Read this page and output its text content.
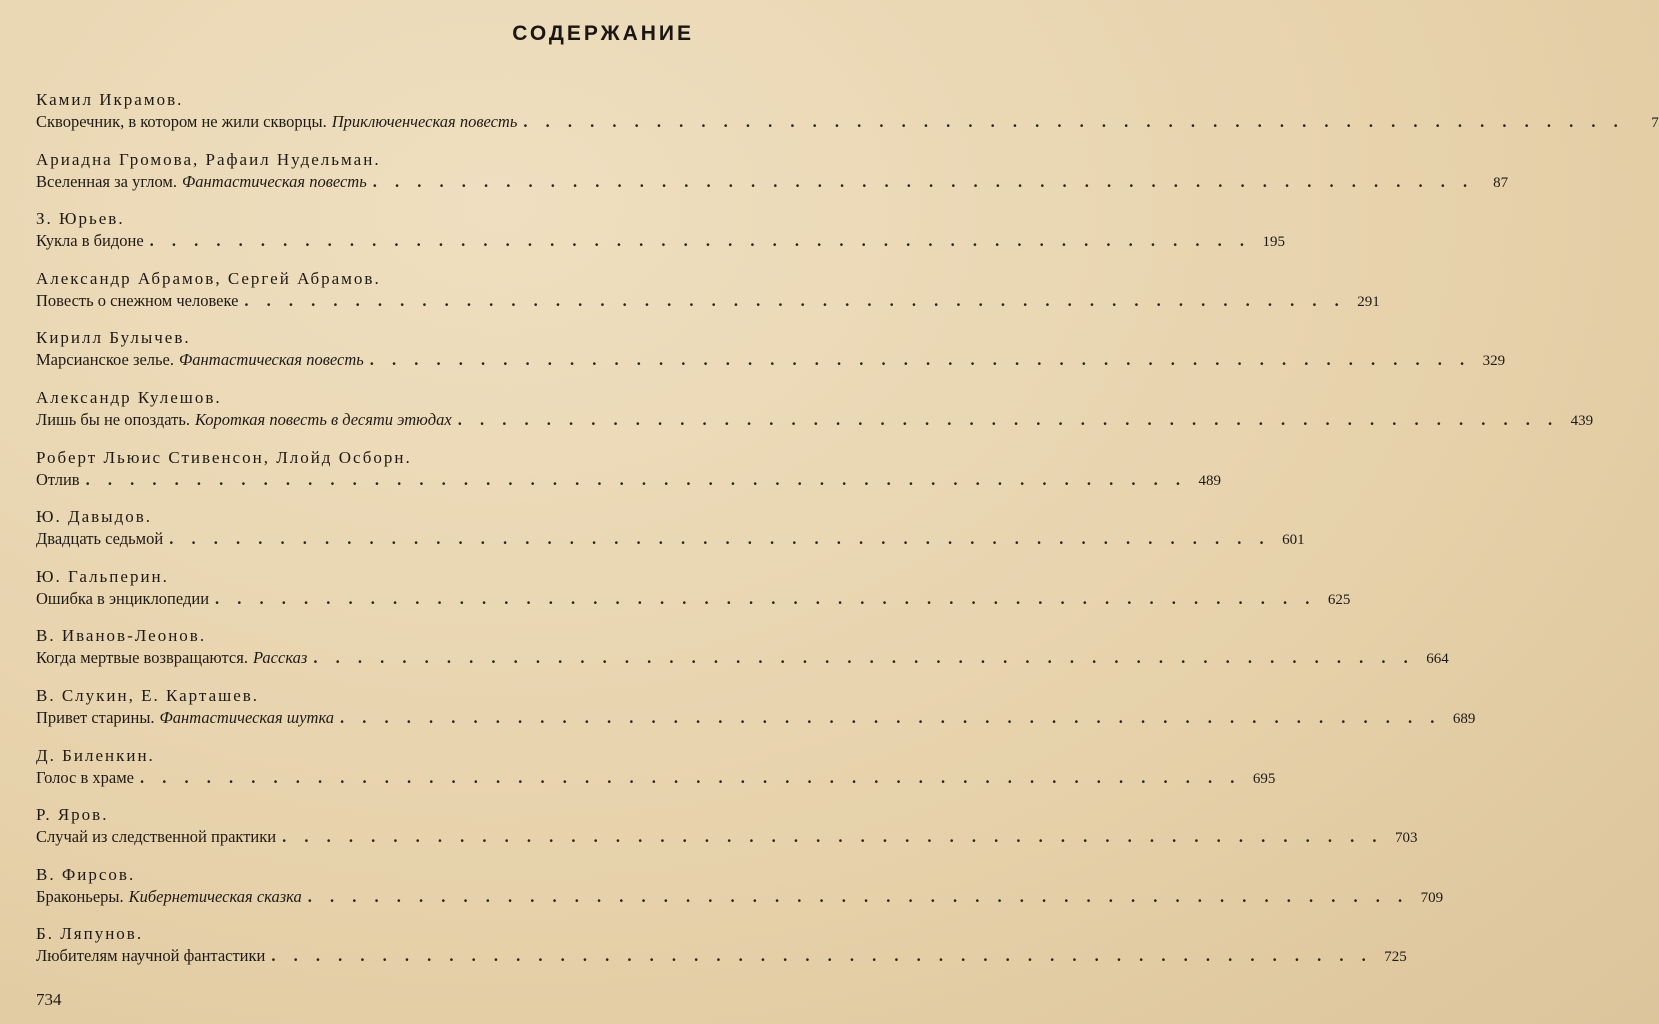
СОДЕРЖАНИЕ
Камил Икрамов.
Скворечник, в котором не жили скворцы. Приключенческая повесть . . . . . . . . . . . . . . . . . . . . . . . . . . . . . . . . . . . . . . . . . . . . . . . . . .	7
Ариадна Громова, Рафаил Нудельман.
Вселенная за углом. Фантастическая повесть . . . . . . . . . . . . . . . . . . . . . . . . . . . . . . . . . . . . . . . . . . . . . . . . . .	87
З. Юрьев.
Кукла в бидоне . . . . . . . . . . . . . . . . . . . . . . . . . . . . . . . . . . . . . . . . . . . . . . . . . . 195
Александр Абрамов, Сергей Абрамов.
Повесть о снежном человеке . . . . . . . . . . . . . . . . . . . . . . . . . . . . . . . . . . . . . . . . . . . . . . . . . . 291
Кирилл Булычев.
Марсианское зелье. Фантастическая повесть . . . . . . . . . . . . . . . . . . . . . . . . . . . . . . . . . . . . . . . . . . . . . . . . . . 329
Александр Кулешов.
Лишь бы не опоздать. Короткая повесть в десяти этюдах . . . . . . . . . . . . . . . . . . . . . . . . . . . . . . . . . . . . . . . . . . . . . . . . . . 439
Роберт Льюис Стивенсон, Ллойд Осборн.
Отлив . . . . . . . . . . . . . . . . . . . . . . . . . . . . . . . . . . . . . . . . . . . . . . . . . . 489
Ю. Давыдов.
Двадцать седьмой . . . . . . . . . . . . . . . . . . . . . . . . . . . . . . . . . . . . . . . . . . . . . . . . . . 601
Ю. Гальперин.
Ошибка в энциклопедии . . . . . . . . . . . . . . . . . . . . . . . . . . . . . . . . . . . . . . . . . . . . . . . . . . 625
В. Иванов-Леонов.
Когда мертвые возвращаются. Рассказ . . . . . . . . . . . . . . . . . . . . . . . . . . . . . . . . . . . . . . . . . . . . . . . . . . 664
В. Слукин, Е. Карташев.
Привет старины. Фантастическая шутка . . . . . . . . . . . . . . . . . . . . . . . . . . . . . . . . . . . . . . . . . . . . . . . . . . 689
Д. Биленкин.
Голос в храме . . . . . . . . . . . . . . . . . . . . . . . . . . . . . . . . . . . . . . . . . . . . . . . . . . 695
Р. Яров.
Случай из следственной практики . . . . . . . . . . . . . . . . . . . . . . . . . . . . . . . . . . . . . . . . . . . . . . . . . . 703
В. Фирсов.
Браконьеры. Кибернетическая сказка . . . . . . . . . . . . . . . . . . . . . . . . . . . . . . . . . . . . . . . . . . . . . . . . . . 709
Б. Ляпунов.
Любителям научной фантастики . . . . . . . . . . . . . . . . . . . . . . . . . . . . . . . . . . . . . . . . . . . . . . . . . . 725
734
